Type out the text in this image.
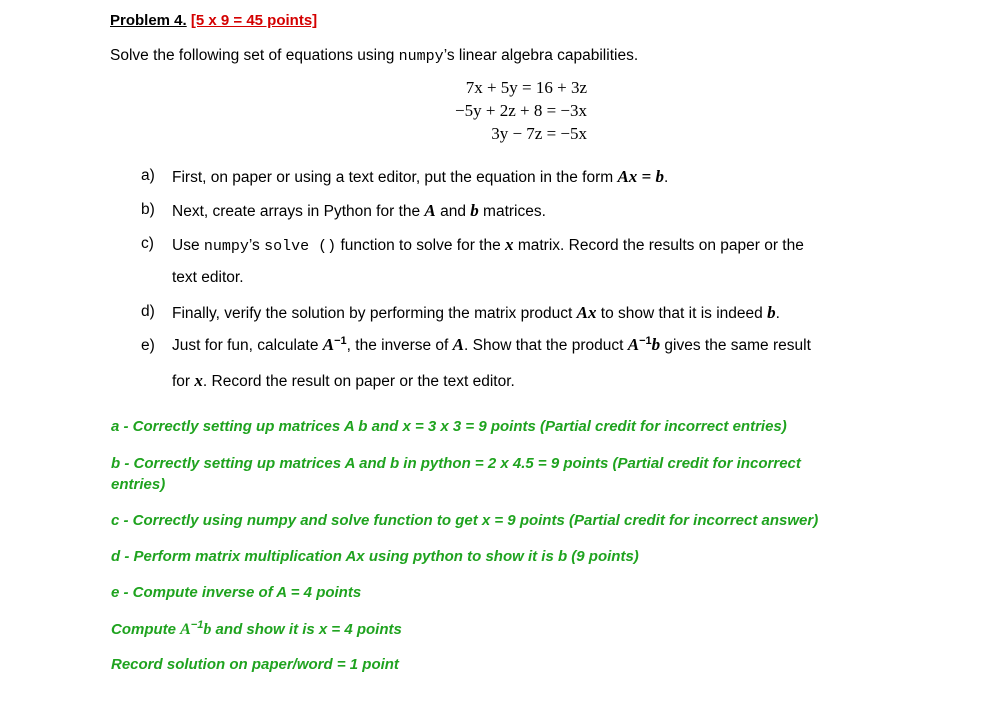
Problem 4. [5 x 9 = 45 points]
Solve the following set of equations using numpy’s linear algebra capabilities.
7x + 5y = 16 + 3z
−5y + 2z + 8 = −3x
3y − 7z = −5x
a) First, on paper or using a text editor, put the equation in the form Ax = b.
b) Next, create arrays in Python for the A and b matrices.
c) Use numpy’s solve () function to solve for the x matrix. Record the results on paper or the
text editor.
d) Finally, verify the solution by performing the matrix product Ax to show that it is indeed b.
e) Just for fun, calculate $A^{-1}$, the inverse of A. Show that the product $A^{-1}b$ gives the same result
for x. Record the result on paper or the text editor.
a - Correctly setting up matrices A b and x = 3 x 3 = 9 points (Partial credit for incorrect entries)
b - Correctly setting up matrices A and b in python = 2 x 4.5 = 9 points (Partial credit for incorrect
entries)
c - Correctly using numpy and solve function to get x = 9 points (Partial credit for incorrect answer)
d - Perform matrix multiplication Ax using python to show it is b (9 points)
e - Compute inverse of A = 4 points
Compute $A^{-1}b$ and show it is x = 4 points
Record solution on paper/word = 1 point
